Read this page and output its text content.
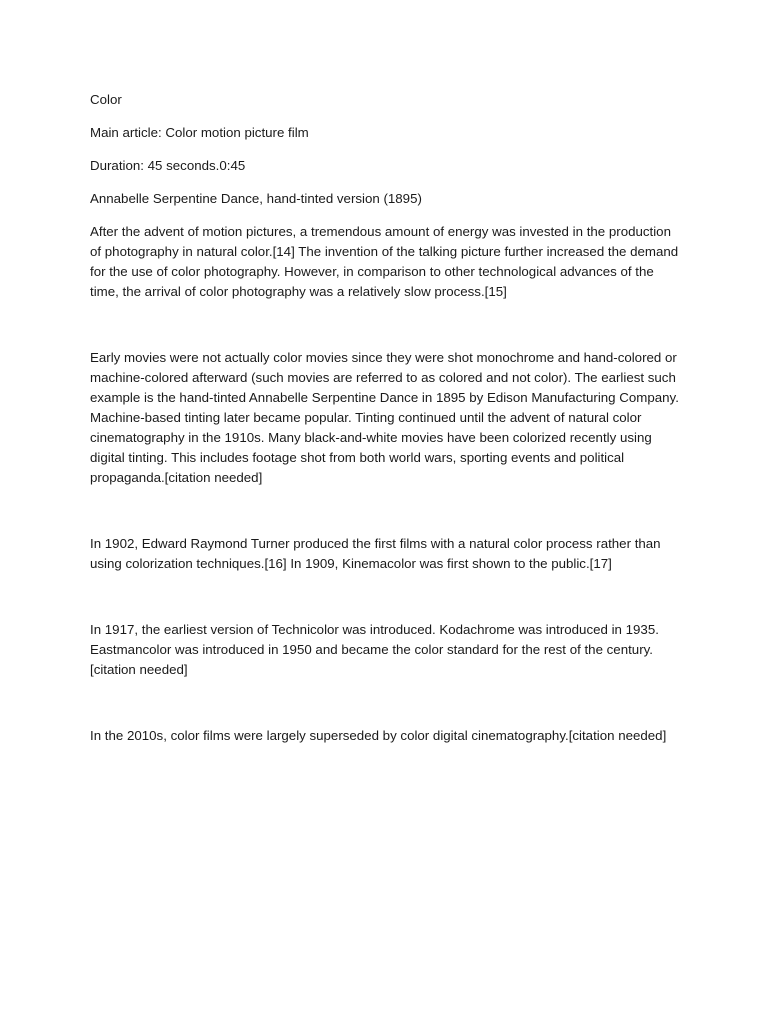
Color

Main article: Color motion picture film

Duration: 45 seconds.0:45

Annabelle Serpentine Dance, hand-tinted version (1895)

After the advent of motion pictures, a tremendous amount of energy was invested in the production of photography in natural color.[14] The invention of the talking picture further increased the demand for the use of color photography. However, in comparison to other technological advances of the time, the arrival of color photography was a relatively slow process.[15]

Early movies were not actually color movies since they were shot monochrome and hand-colored or machine-colored afterward (such movies are referred to as colored and not color). The earliest such example is the hand-tinted Annabelle Serpentine Dance in 1895 by Edison Manufacturing Company. Machine-based tinting later became popular. Tinting continued until the advent of natural color cinematography in the 1910s. Many black-and-white movies have been colorized recently using digital tinting. This includes footage shot from both world wars, sporting events and political propaganda.[citation needed]

In 1902, Edward Raymond Turner produced the first films with a natural color process rather than using colorization techniques.[16] In 1909, Kinemacolor was first shown to the public.[17]

In 1917, the earliest version of Technicolor was introduced. Kodachrome was introduced in 1935. Eastmancolor was introduced in 1950 and became the color standard for the rest of the century.[citation needed]

In the 2010s, color films were largely superseded by color digital cinematography.[citation needed]
